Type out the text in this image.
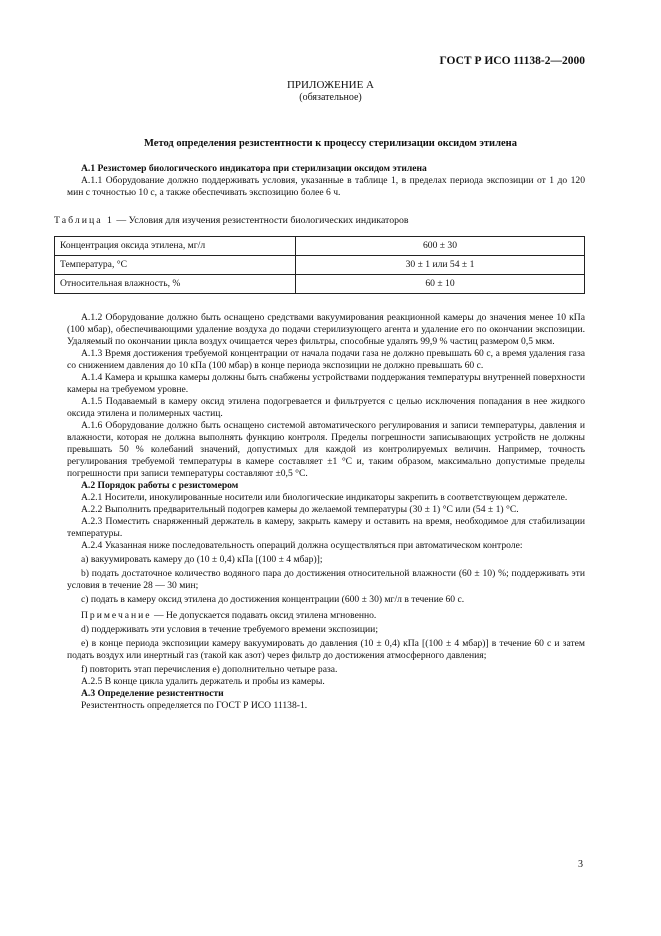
ГОСТ Р ИСО 11138-2—2000
ПРИЛОЖЕНИЕ А
(обязательное)
Метод определения резистентности к процессу стерилизации оксидом этилена

А.1 Резистомер биологического индикатора при стерилизации оксидом этилена

А.1.1 Оборудование должно поддерживать условия, указанные в таблице 1, в пределах периода экспозиции от 1 до 120 мин с точностью 10 с, а также обеспечивать экспозицию более 6 ч.

Таблица 1 — Условия для изучения резистентности биологических индикаторов
Концентрация оксида этилена, мг/л	600 ± 30
Температура, °С	30 ± 1 или 54 ± 1
Относительная влажность, %	60 ± 10

А.1.2 Оборудование должно быть оснащено средствами вакуумирования реакционной камеры до значения менее 10 кПа (100 мбар), обеспечивающими удаление воздуха до подачи стерилизующего агента и удаление его по окончании экспозиции. Удаляемый по окончании цикла воздух очищается через фильтры, способные удалять 99,9 % частиц размером 0,5 мкм.

А.1.3 Время достижения требуемой концентрации от начала подачи газа не должно превышать 60 с, а время удаления газа со снижением давления до 10 кПа (100 мбар) в конце периода экспозиции не должно превышать 60 с.

А.1.4 Камера и крышка камеры должны быть снабжены устройствами поддержания температуры внутренней поверхности камеры на требуемом уровне.

А.1.5 Подаваемый в камеру оксид этилена подогревается и фильтруется с целью исключения попадания в нее жидкого оксида этилена и полимерных частиц.

А.1.6 Оборудование должно быть оснащено системой автоматического регулирования и записи температуры, давления и влажности, которая не должна выполнять функцию контроля. Пределы погрешности записывающих устройств не должны превышать 50 % колебаний значений, допустимых для каждой из контролируемых величин. Например, точность регулирования требуемой температуры в камере составляет ±1 °С и, таким образом, максимально допустимые пределы погрешности при записи температуры составляют ±0,5 °С.

А.2 Порядок работы с резистомером

А.2.1 Носители, инокулированные носители или биологические индикаторы закрепить в соответствующем держателе.

А.2.2 Выполнить предварительный подогрев камеры до желаемой температуры (30 ± 1) °С или (54 ± 1) °С.

А.2.3 Поместить снаряженный держатель в камеру, закрыть камеру и оставить на время, необходимое для стабилизации температуры.

А.2.4 Указанная ниже последовательность операций должна осуществляться при автоматическом контроле:

а) вакуумировать камеру до (10 ± 0,4) кПа [(100 ± 4 мбар)];

b) подать достаточное количество водяного пара до достижения относительной влажности (60 ± 10) %; поддерживать эти условия в течение 28 — 30 мин;

c) подать в камеру оксид этилена до достижения концентрации (600 ± 30) мг/л в течение 60 с.

Примечание — Не допускается подавать оксид этилена мгновенно.

d) поддерживать эти условия в течение требуемого времени экспозиции;

e) в конце периода экспозиции камеру вакуумировать до давления (10 ± 0,4) кПа [(100 ± 4 мбар)] в течение 60 с и затем подать воздух или инертный газ (такой как азот) через фильтр до достижения атмосферного давления;

f) повторить этап перечисления е) дополнительно четыре раза.

А.2.5 В конце цикла удалить держатель и пробы из камеры.

А.3 Определение резистентности

Резистентность определяется по ГОСТ Р ИСО 11138-1.

3
